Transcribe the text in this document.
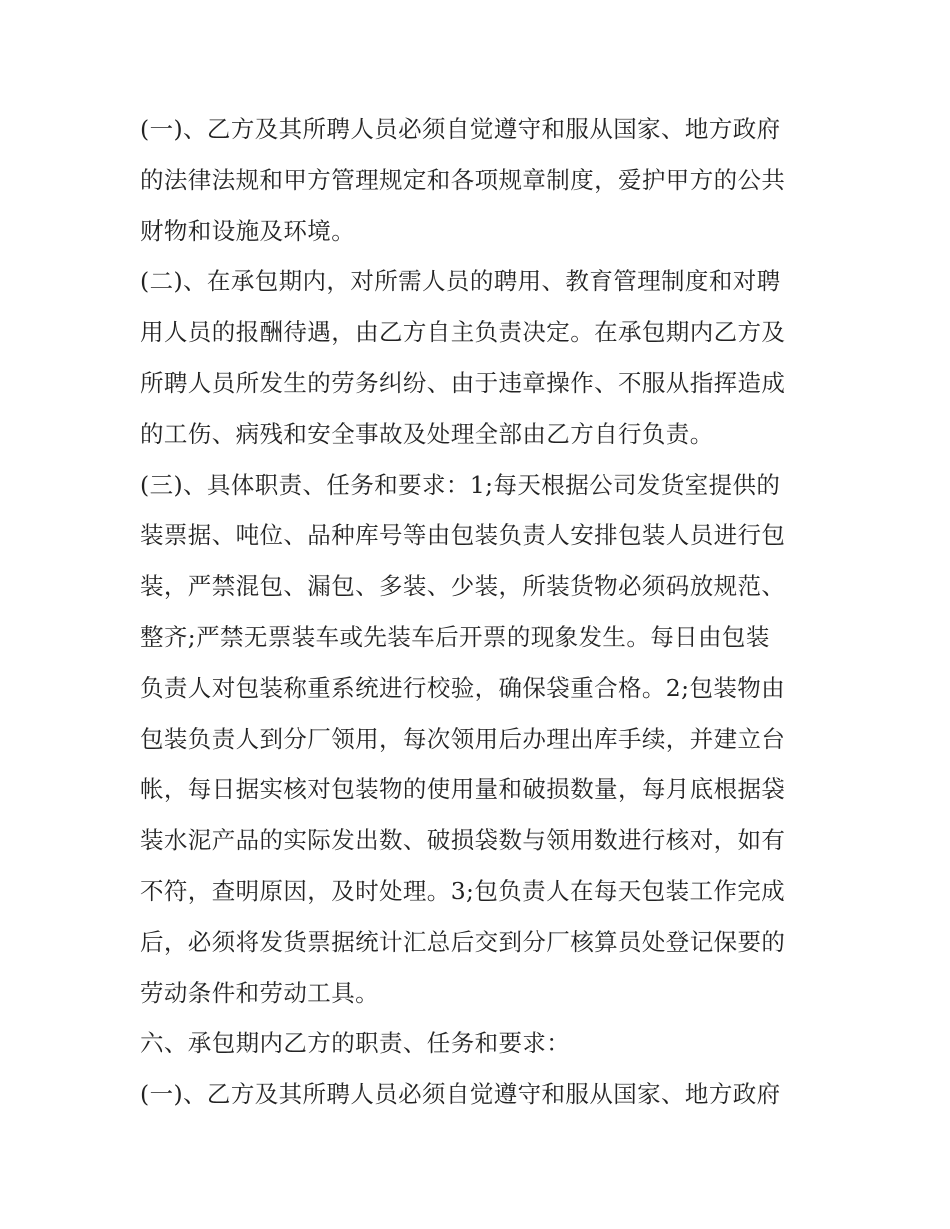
(一)、乙方及其所聘人员必须自觉遵守和服从国家、地方政府
的法律法规和甲方管理规定和各项规章制度，爱护甲方的公共
财物和设施及环境。
(二)、在承包期内，对所需人员的聘用、教育管理制度和对聘
用人员的报酬待遇，由乙方自主负责决定。在承包期内乙方及
所聘人员所发生的劳务纠纷、由于违章操作、不服从指挥造成
的工伤、病残和安全事故及处理全部由乙方自行负责。
(三)、具体职责、任务和要求：1;每天根据公司发货室提供的
装票据、吨位、品种库号等由包装负责人安排包装人员进行包
装，严禁混包、漏包、多装、少装，所装货物必须码放规范、
整齐;严禁无票装车或先装车后开票的现象发生。每日由包装
负责人对包装称重系统进行校验，确保袋重合格。2;包装物由
包装负责人到分厂领用，每次领用后办理出库手续，并建立台
帐，每日据实核对包装物的使用量和破损数量，每月底根据袋
装水泥产品的实际发出数、破损袋数与领用数进行核对，如有
不符，查明原因，及时处理。3;包负责人在每天包装工作完成
后，必须将发货票据统计汇总后交到分厂核算员处登记保要的
劳动条件和劳动工具。
六、承包期内乙方的职责、任务和要求：
(一)、乙方及其所聘人员必须自觉遵守和服从国家、地方政府
